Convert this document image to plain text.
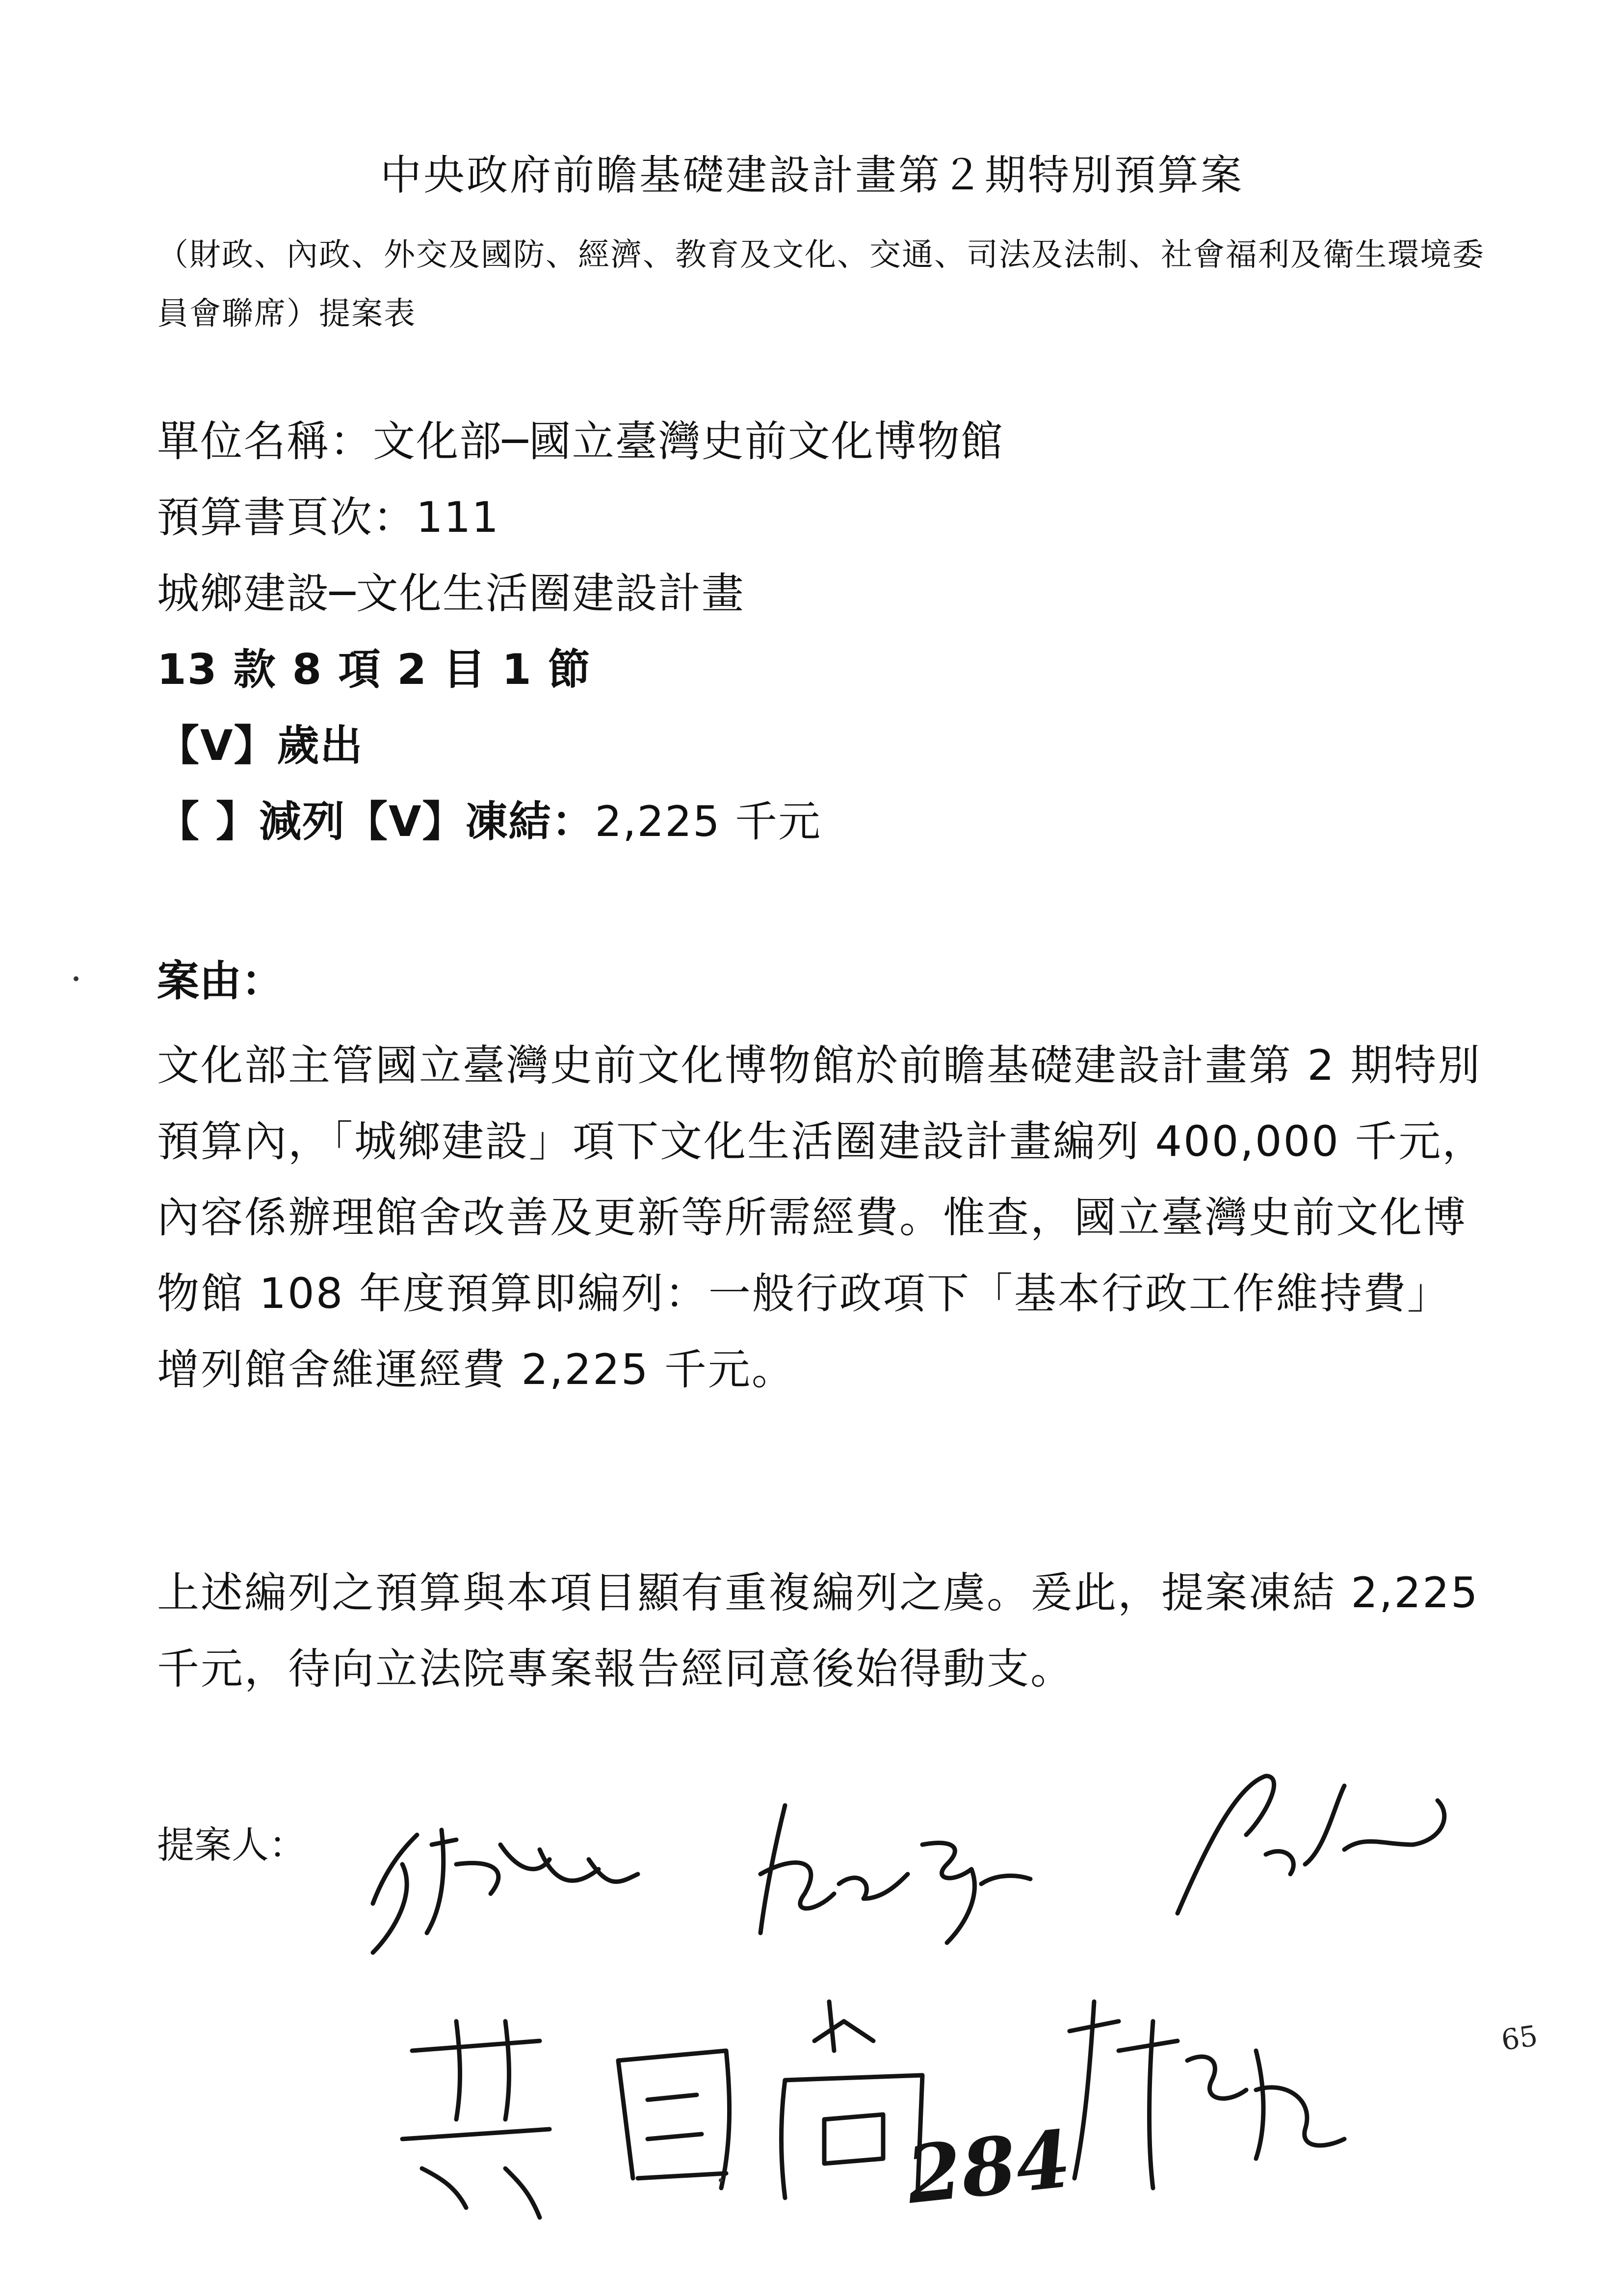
中央政府前瞻基礎建設計畫第２期特別預算案
（財政、內政、外交及國防、經濟、教育及文化、交通、司法及法制、社會福利及衛生環境委員會聯席）提案表
單位名稱：文化部─國立臺灣史前文化博物館
預算書頁次：111
城鄉建設─文化生活圈建設計畫
13 款 8 項 2 目 1 節
【V】歲出
【 】減列【V】凍結：2,225 千元
案由：
文化部主管國立臺灣史前文化博物館於前瞻基礎建設計畫第 2 期特別預算內，「城鄉建設」項下文化生活圈建設計畫編列 400,000 千元，內容係辦理館舍改善及更新等所需經費。惟查，國立臺灣史前文化博物館 108 年度預算即編列：一般行政項下「基本行政工作維持費」增列館舍維運經費 2,225 千元。
上述編列之預算與本項目顯有重複編列之虞。爰此，提案凍結 2,225 千元，待向立法院專案報告經同意後始得動支。
提案人：
284
65
